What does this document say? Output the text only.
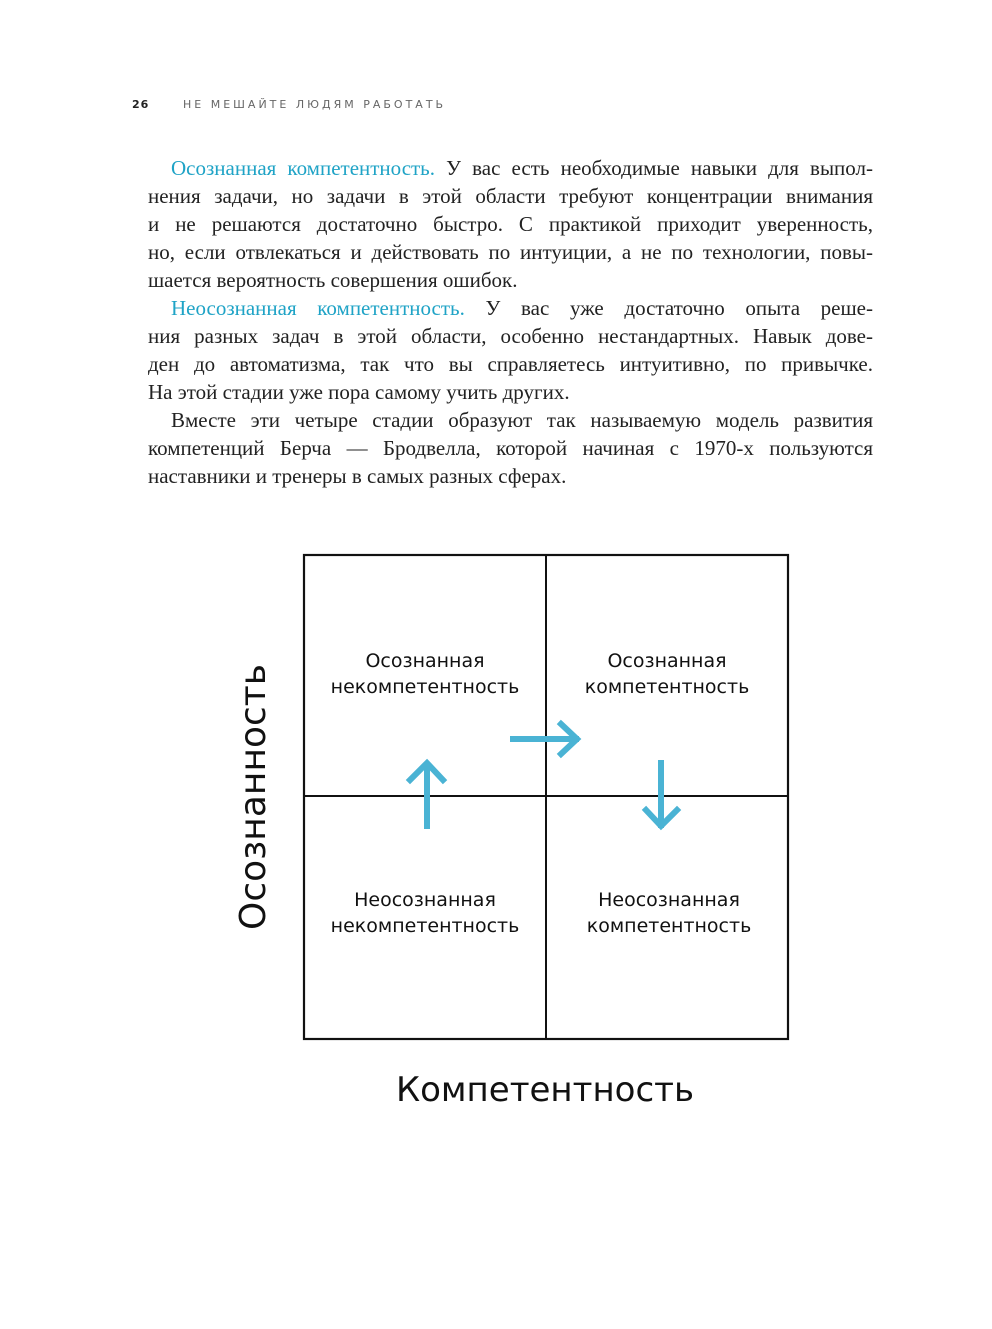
26	НЕ МЕШАЙТЕ ЛЮДЯМ РАБОТАТЬ
Осознанная компетентность. У вас есть необходимые навыки для выпол-
нения задачи, но задачи в этой области требуют концентрации внимания
и не решаются достаточно быстро. С практикой приходит уверенность,
но, если отвлекаться и действовать по интуиции, а не по технологии, повы-
шается вероятность совершения ошибок.
Неосознанная компетентность. У вас уже достаточно опыта реше-
ния разных задач в этой области, особенно нестандартных. Навык дове-
ден до автоматизма, так что вы справляетесь интуитивно, по привычке.
На этой стадии уже пора самому учить других.
Вместе эти четыре стадии образуют так называемую модель развития
компетенций Берча — Бродвелла, которой начиная с 1970-х пользуются
наставники и тренеры в самых разных сферах.
Осознанная
некомпетентность
Осознанная
компетентность
Неосознанная
некомпетентность
Неосознанная
компетентность
Осознанность
Компетентность
